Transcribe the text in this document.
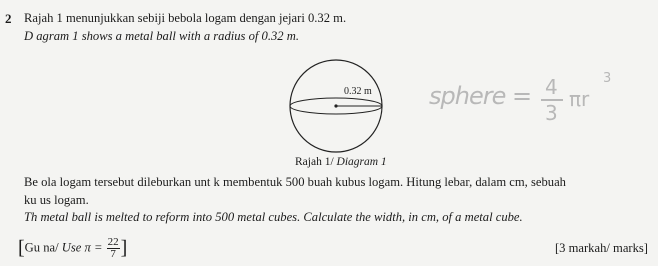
2 Rajah 1 menunjukkan sebiji bebola logam dengan jejari 0.32 m.
D agram 1 shows a metal ball with a radius of 0.32 m.
0.32 m
Rajah 1/ Diagram 1
sphere = 4
3
πr
3
Be ola logam tersebut dileburkan unt k membentuk 500 buah kubus logam. Hitung lebar, dalam cm, sebuah
ku us logam.
Th metal ball is melted to reform into 500 metal cubes. Calculate the width, in cm, of a metal cube.
[Gu na/ Use $\pi = \frac{22}{7}$ ]	[3 markah/ marks]
